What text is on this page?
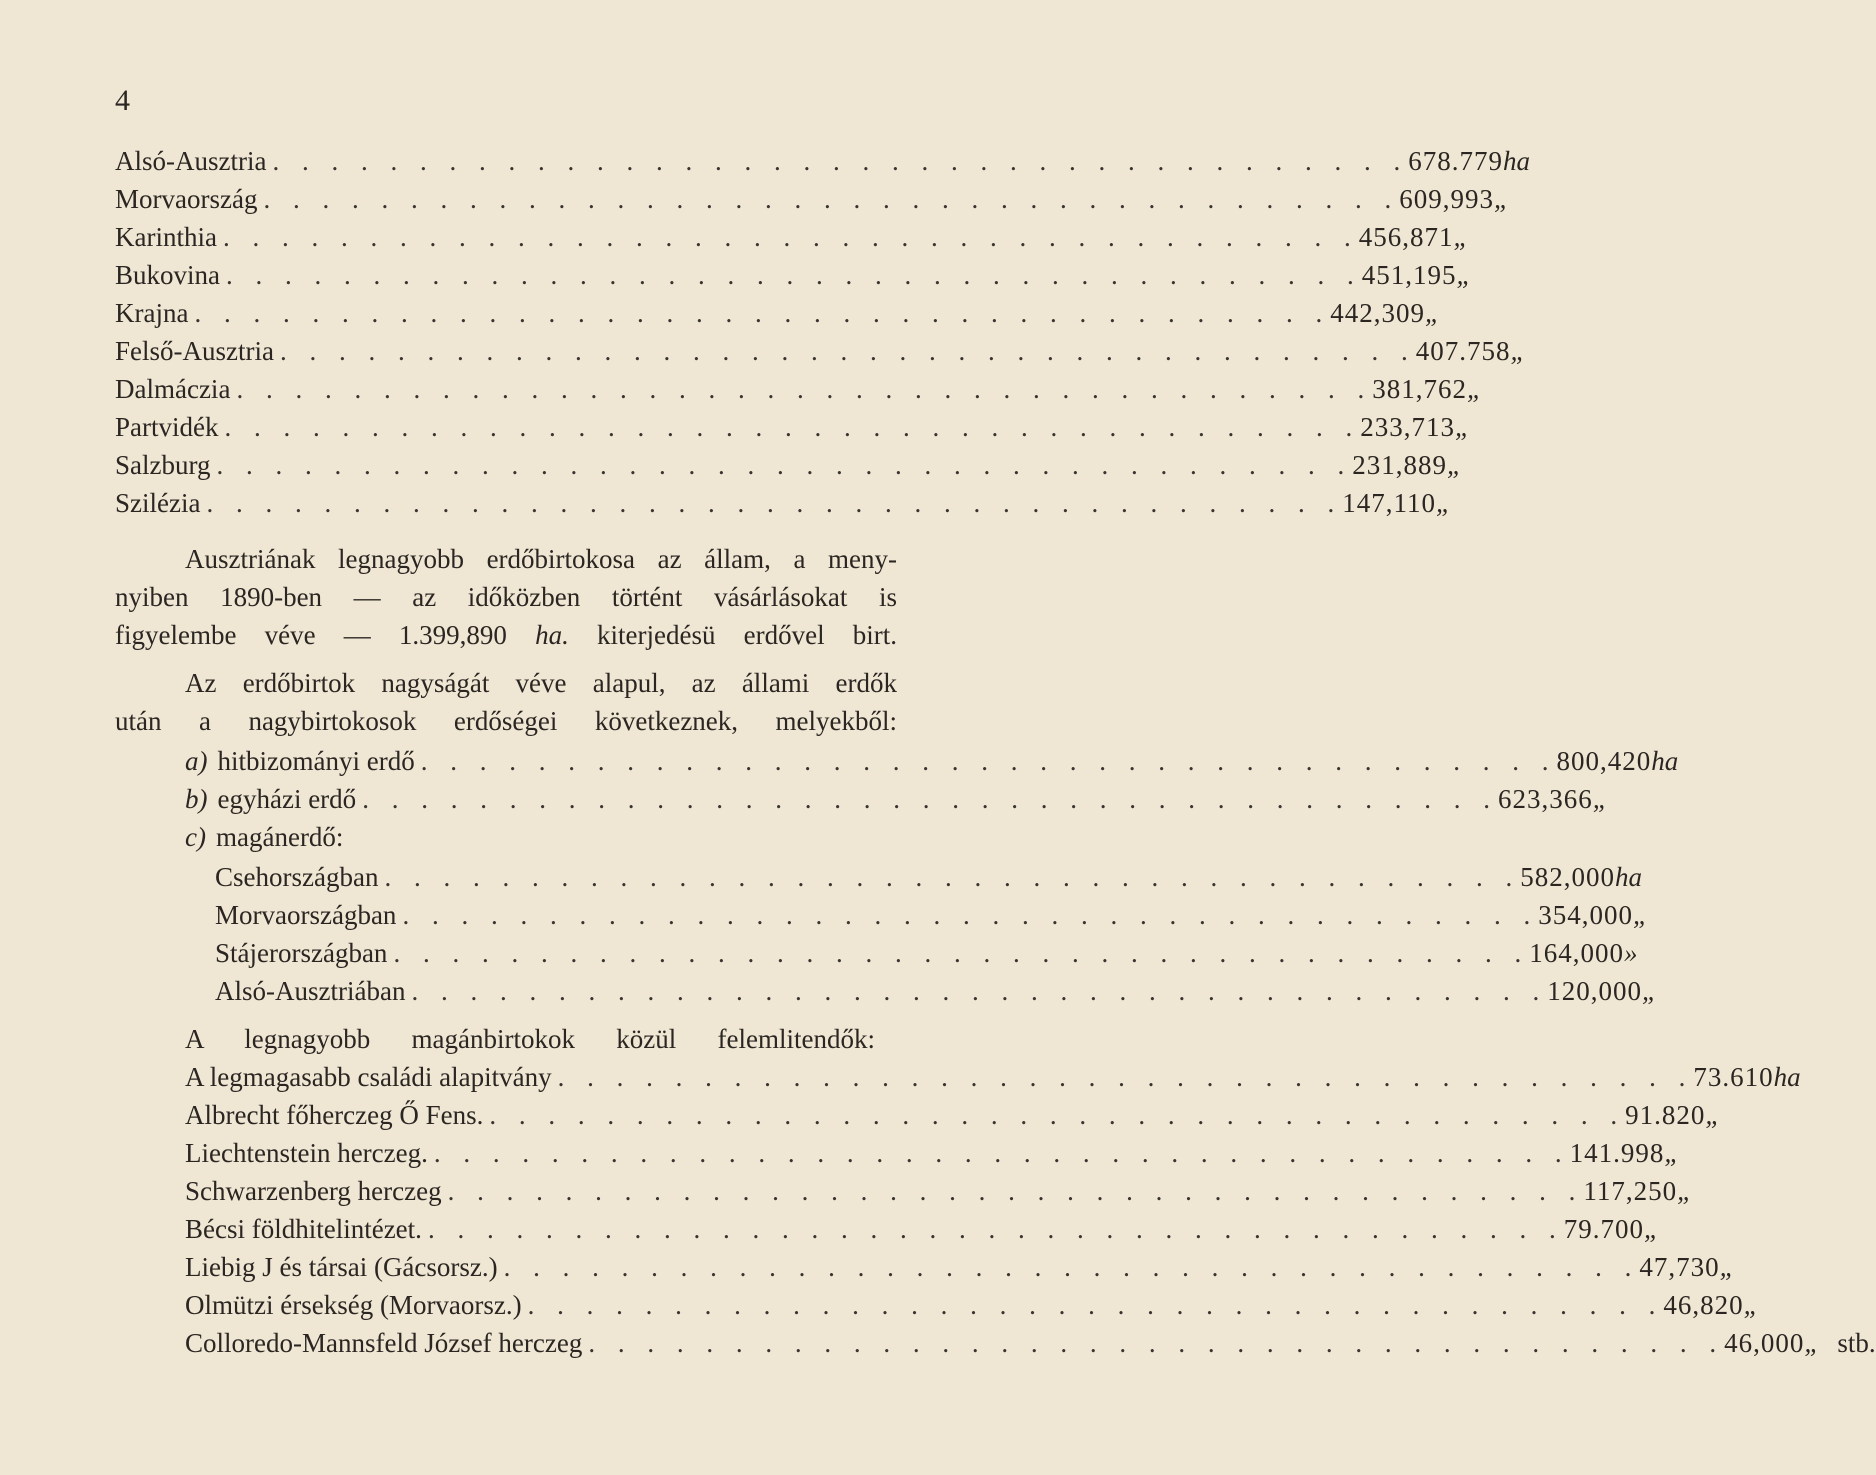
4
Alsó-Ausztria . . . . . . . . . . . . . . . . . . . . . . . . . . . . . . . . . . . . . . . 678.779 ha
Morvaország . . . . . . . . . . . . . . . . . . . . . . . . . . . . . . . . . . . . . . . 609,993 „
Karinthia . . . . . . . . . . . . . . . . . . . . . . . . . . . . . . . . . . . . . . . 456,871 „
Bukovina . . . . . . . . . . . . . . . . . . . . . . . . . . . . . . . . . . . . . . . 451,195 „
Krajna . . . . . . . . . . . . . . . . . . . . . . . . . . . . . . . . . . . . . . . 442,309 „
Felső-Ausztria . . . . . . . . . . . . . . . . . . . . . . . . . . . . . . . . . . . . . . . 407.758 „
Dalmáczia . . . . . . . . . . . . . . . . . . . . . . . . . . . . . . . . . . . . . . . 381,762 „
Partvidék . . . . . . . . . . . . . . . . . . . . . . . . . . . . . . . . . . . . . . . 233,713 „
Salzburg . . . . . . . . . . . . . . . . . . . . . . . . . . . . . . . . . . . . . . . 231,889 „
Szilézia . . . . . . . . . . . . . . . . . . . . . . . . . . . . . . . . . . . . . . . 147,110 „
Ausztriának legnagyobb erdőbirtokosa az állam, a meny-
nyiben 1890-ben — az időközben történt vásárlásokat is
figyelembe véve — 1.399,890 ha. kiterjedésü erdővel birt.
Az erdőbirtok nagyságát véve alapul, az állami erdők
után a nagybirtokosok erdőségei következnek, melyekből:
a) hitbizományi erdő . . . . . . . . . . . . . . . . . . . . . . . . . . . . . . . . . . . . . . . 800,420 ha
b) egyházi erdő . . . . . . . . . . . . . . . . . . . . . . . . . . . . . . . . . . . . . . . 623,366 „
c) magánerdő:
Csehországban . . . . . . . . . . . . . . . . . . . . . . . . . . . . . . . . . . . . . . . 582,000 ha
Morvaországban . . . . . . . . . . . . . . . . . . . . . . . . . . . . . . . . . . . . . . . 354,000 „
Stájerországban . . . . . . . . . . . . . . . . . . . . . . . . . . . . . . . . . . . . . . . 164,000 »
Alsó-Ausztriában . . . . . . . . . . . . . . . . . . . . . . . . . . . . . . . . . . . . . . . 120,000 „
A legnagyobb magánbirtokok közül felemlitendők:
A legmagasabb családi alapitvány . . . . . . . . . . . . . . . . . . . . . . . . . . . . . . . . . . . . . . . 73.610 ha
Albrecht főherczeg Ő Fens. . . . . . . . . . . . . . . . . . . . . . . . . . . . . . . . . . . . . . . . 91.820 „
Liechtenstein herczeg. . . . . . . . . . . . . . . . . . . . . . . . . . . . . . . . . . . . . . . . 141.998 „
Schwarzenberg herczeg . . . . . . . . . . . . . . . . . . . . . . . . . . . . . . . . . . . . . . . 117,250 „
Bécsi földhitelintézet. . . . . . . . . . . . . . . . . . . . . . . . . . . . . . . . . . . . . . . . 79.700 „
Liebig J és társai (Gácsorsz.) . . . . . . . . . . . . . . . . . . . . . . . . . . . . . . . . . . . . . . . 47,730 „
Olmützi érsekség (Morvaorsz.) . . . . . . . . . . . . . . . . . . . . . . . . . . . . . . . . . . . . . . . 46,820 „
Colloredo-Mannsfeld József herczeg . . . . . . . . . . . . . . . . . . . . . . . . . . . . . . . . . . . . . . . 46,000 „ stb.
